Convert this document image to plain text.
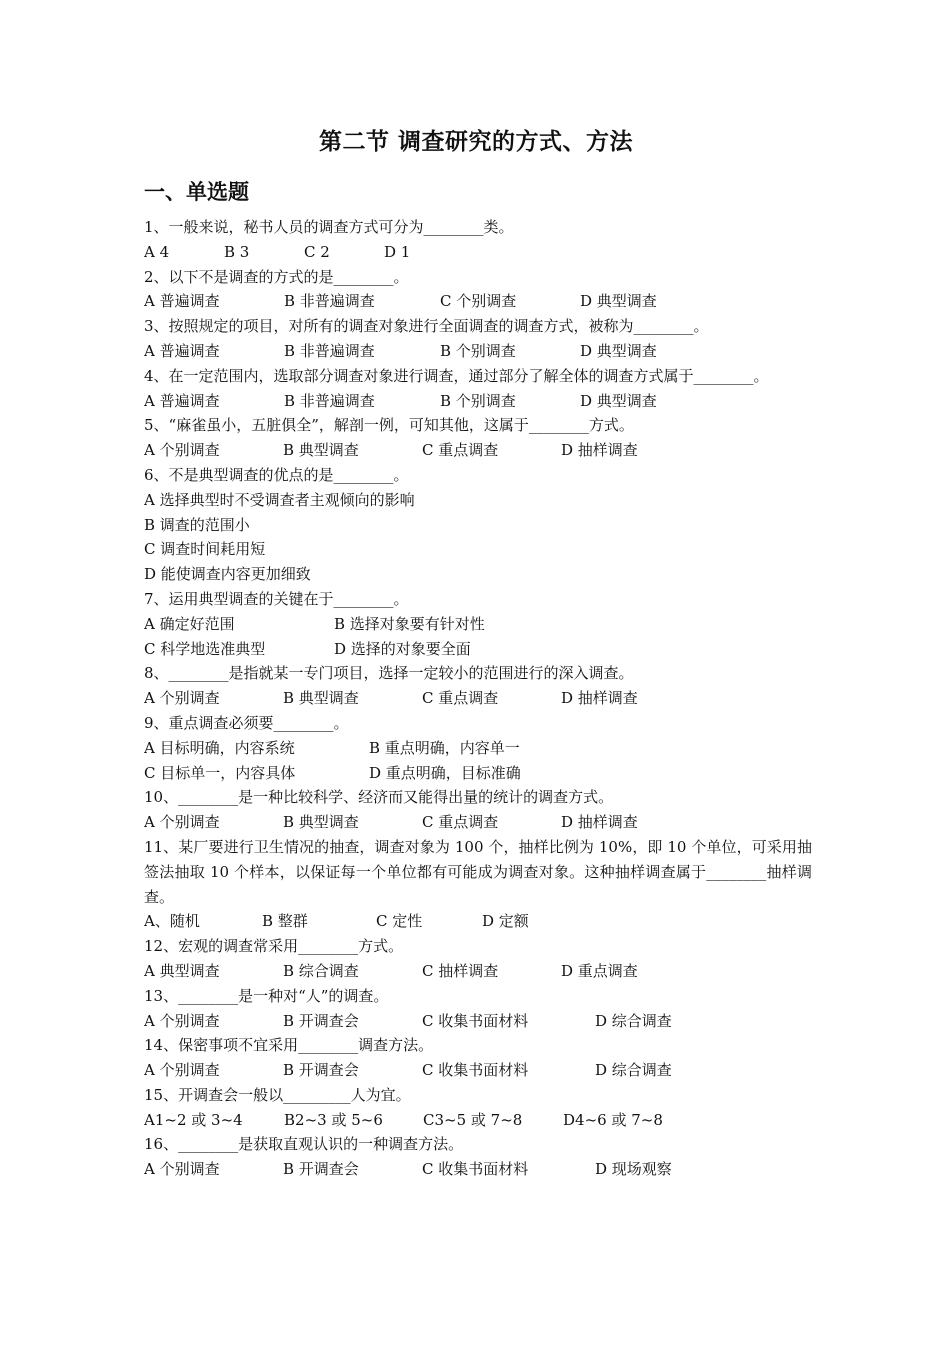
第二节 调查研究的方式、方法
一、单选题
1、一般来说，秘书人员的调查方式可分为________类。
A 4	B 3	C 2	D 1
2、以下不是调查的方式的是________。
A 普遍调查	B 非普遍调查	C 个别调查	D 典型调查
3、按照规定的项目，对所有的调查对象进行全面调查的调查方式，被称为________。
A 普遍调查	B 非普遍调查	B 个别调查	D 典型调查
4、在一定范围内，选取部分调查对象进行调查，通过部分了解全体的调查方式属于________。
A 普遍调查	B 非普遍调查	B 个别调查	D 典型调查
5、“麻雀虽小，五脏俱全”，解剖一例，可知其他，这属于________方式。
A 个别调查	B 典型调查	C 重点调查	D 抽样调查
6、不是典型调查的优点的是________。
A 选择典型时不受调查者主观倾向的影响
B 调查的范围小
C 调查时间耗用短
D 能使调查内容更加细致
7、运用典型调查的关键在于________。
A 确定好范围	B 选择对象要有针对性
C 科学地选准典型	D 选择的对象要全面
8、________是指就某一专门项目，选择一定较小的范围进行的深入调查。
A 个别调查	B 典型调查	C 重点调查	D 抽样调查
9、重点调查必须要________。
A 目标明确，内容系统	B 重点明确，内容单一
C 目标单一，内容具体	D 重点明确，目标准确
10、________是一种比较科学、经济而又能得出量的统计的调查方式。
A 个别调查	B 典型调查	C 重点调查	D 抽样调查
11、某厂要进行卫生情况的抽查，调查对象为 100 个，抽样比例为 10%，即 10 个单位，可采用抽签法抽取 10 个样本，以保证每一个单位都有可能成为调查对象。这种抽样调查属于________抽样调查。
A、随机	B 整群	C 定性	D 定额
12、宏观的调查常采用________方式。
A 典型调查	B 综合调查	C 抽样调查	D 重点调查
13、________是一种对“人”的调查。
A 个别调查	B 开调查会	C 收集书面材料	D 综合调查
14、保密事项不宜采用________调查方法。
A 个别调查	B 开调查会	C 收集书面材料	D 综合调查
15、开调查会一般以_________人为宜。
A1~2 或 3~4	B2~3 或 5~6	C3~5 或 7~8	D4~6 或 7~8
16、________是获取直观认识的一种调查方法。
A 个别调查	B 开调查会	C 收集书面材料	D 现场观察
